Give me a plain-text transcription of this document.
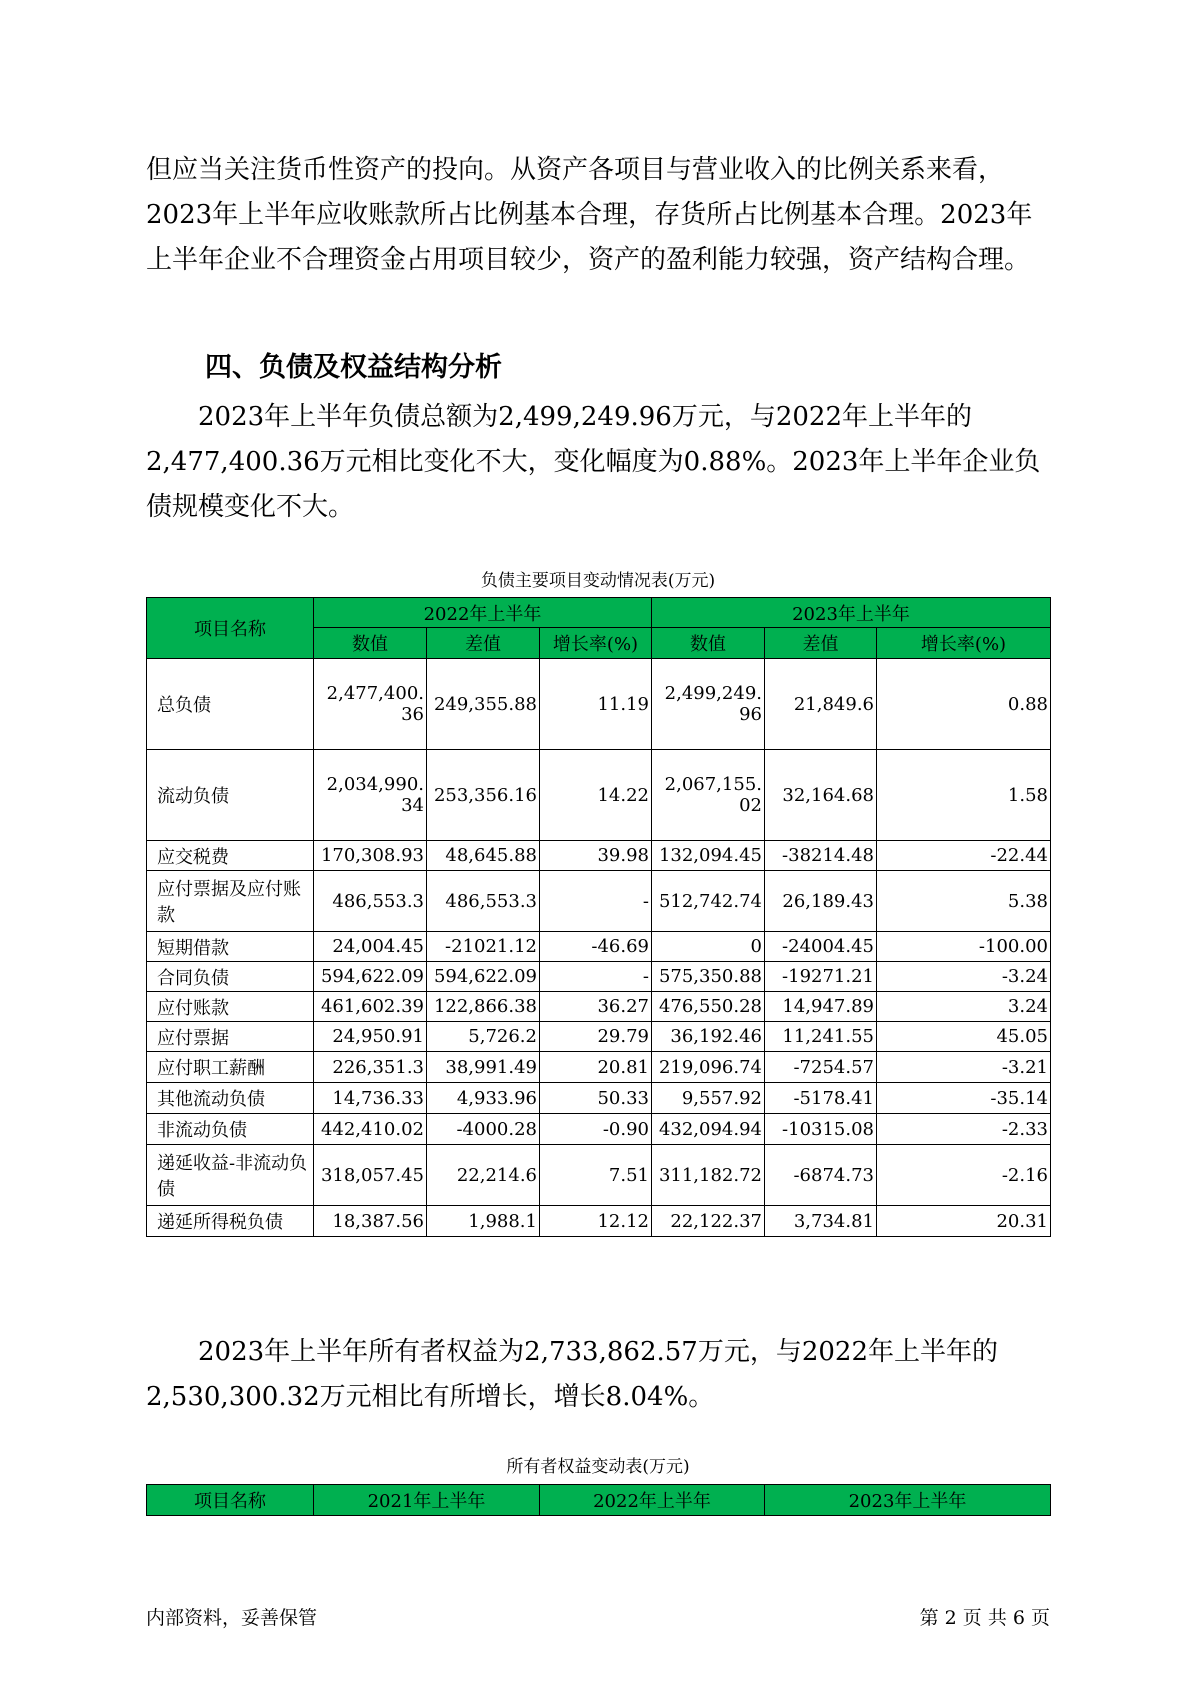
但应当关注货币性资产的投向。从资产各项目与营业收入的比例关系来看，2023年上半年应收账款所占比例基本合理，存货所占比例基本合理。2023年上半年企业不合理资金占用项目较少，资产的盈利能力较强，资产结构合理。

四、负债及权益结构分析

2023年上半年负债总额为2,499,249.96万元，与2022年上半年的2,477,400.36万元相比变化不大，变化幅度为0.88%。2023年上半年企业负债规模变化不大。

负债主要项目变动情况表(万元)

项目名称	2022年上半年			2023年上半年		
	数值	差值	增长率(%)	数值	差值	增长率(%)
总负债	2,477,400.36	249,355.88	11.19	2,499,249.96	21,849.6	0.88
流动负债	2,034,990.34	253,356.16	14.22	2,067,155.02	32,164.68	1.58
应交税费	170,308.93	48,645.88	39.98	132,094.45	-38214.48	-22.44
应付票据及应付账款	486,553.3	486,553.3	-	512,742.74	26,189.43	5.38
短期借款	24,004.45	-21021.12	-46.69	0	-24004.45	-100.00
合同负债	594,622.09	594,622.09	-	575,350.88	-19271.21	-3.24
应付账款	461,602.39	122,866.38	36.27	476,550.28	14,947.89	3.24
应付票据	24,950.91	5,726.2	29.79	36,192.46	11,241.55	45.05
应付职工薪酬	226,351.3	38,991.49	20.81	219,096.74	-7254.57	-3.21
其他流动负债	14,736.33	4,933.96	50.33	9,557.92	-5178.41	-35.14
非流动负债	442,410.02	-4000.28	-0.90	432,094.94	-10315.08	-2.33
递延收益-非流动负债	318,057.45	22,214.6	7.51	311,182.72	-6874.73	-2.16
递延所得税负债	18,387.56	1,988.1	12.12	22,122.37	3,734.81	20.31

2023年上半年所有者权益为2,733,862.57万元，与2022年上半年的2,530,300.32万元相比有所增长，增长8.04%。

所有者权益变动表(万元)

项目名称	2021年上半年	2022年上半年	2023年上半年

内部资料，妥善保管	第 2 页 共 6 页
